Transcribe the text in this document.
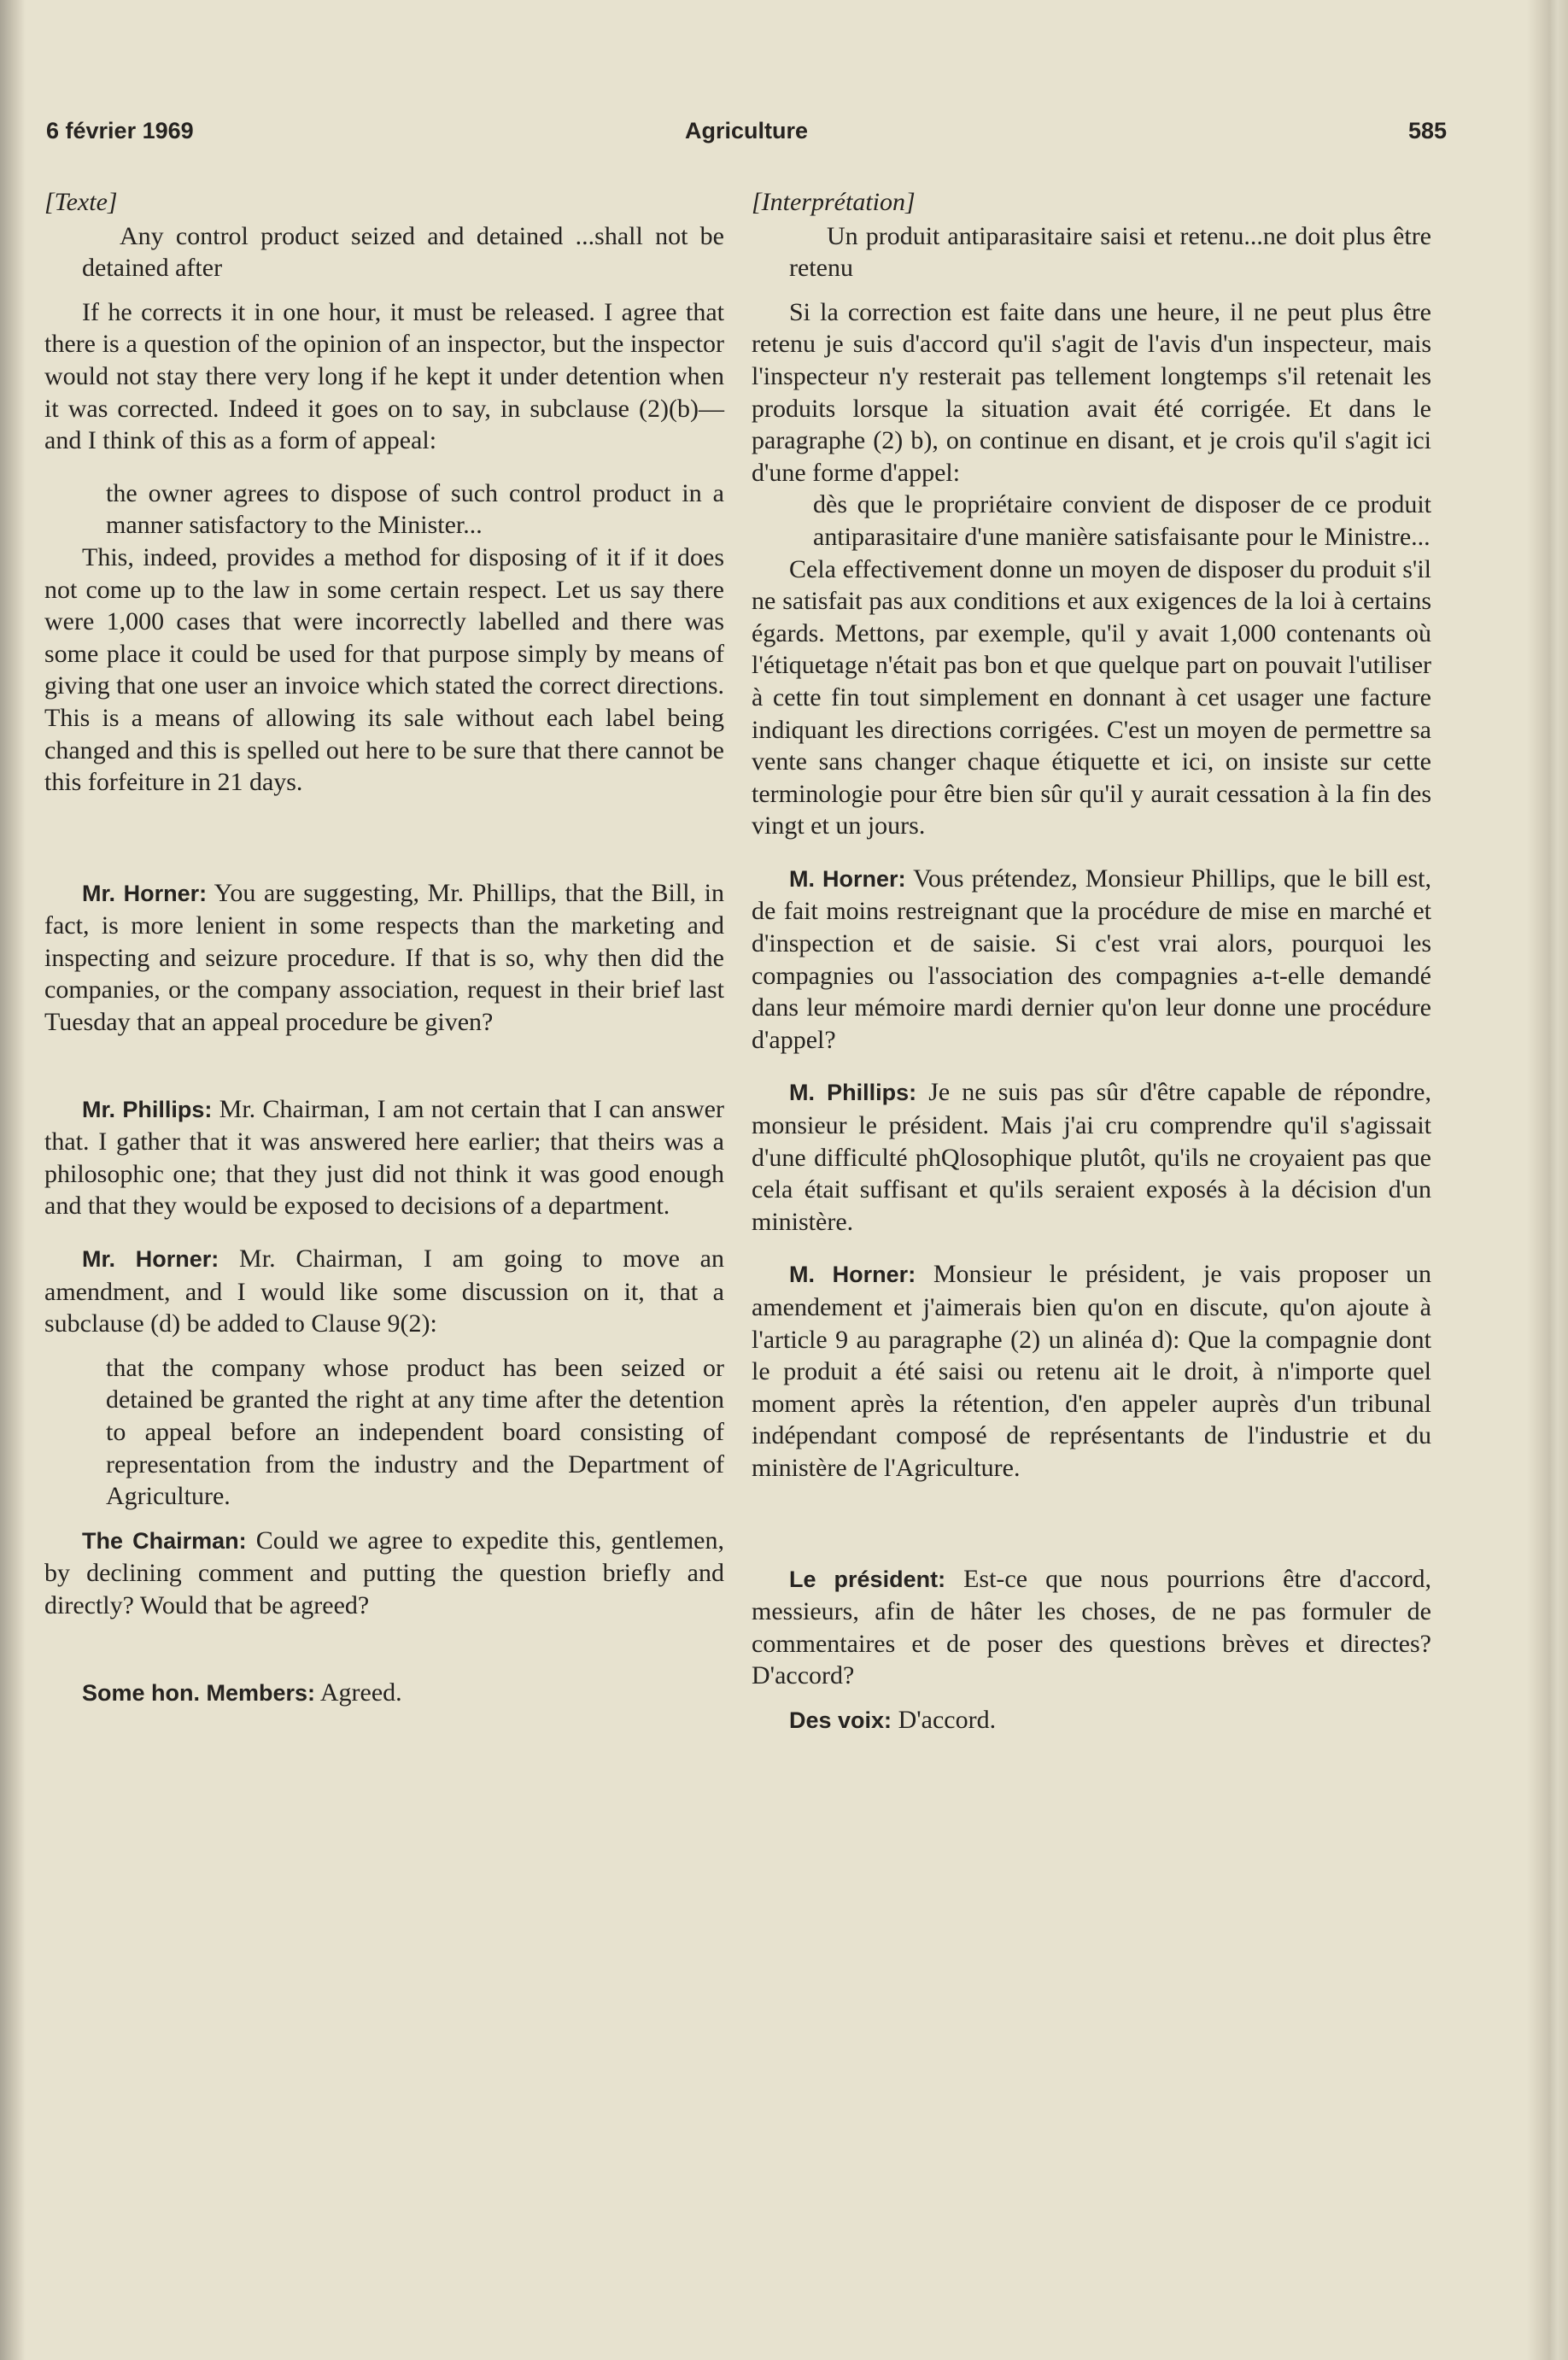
6 février 1969	Agriculture	585

[Texte]

Any control product seized and detained ...shall not be detained after

If he corrects it in one hour, it must be released. I agree that there is a question of the opinion of an inspector, but the inspector would not stay there very long if he kept it under detention when it was corrected. Indeed it goes on to say, in subclause (2)(b)— and I think of this as a form of appeal:

the owner agrees to dispose of such control product in a manner satisfactory to the Minister...

This, indeed, provides a method for disposing of it if it does not come up to the law in some certain respect. Let us say there were 1,000 cases that were incorrectly labelled and there was some place it could be used for that purpose simply by means of giving that one user an invoice which stated the correct directions. This is a means of allowing its sale without each label being changed and this is spelled out here to be sure that there cannot be this forfeiture in 21 days.

Mr. Horner: You are suggesting, Mr. Phillips, that the Bill, in fact, is more lenient in some respects than the marketing and inspecting and seizure procedure. If that is so, why then did the companies, or the company association, request in their brief last Tuesday that an appeal procedure be given?

Mr. Phillips: Mr. Chairman, I am not certain that I can answer that. I gather that it was answered here earlier; that theirs was a philosophic one; that they just did not think it was good enough and that they would be exposed to decisions of a department.

Mr. Horner: Mr. Chairman, I am going to move an amendment, and I would like some discussion on it, that a subclause (d) be added to Clause 9(2):

that the company whose product has been seized or detained be granted the right at any time after the detention to appeal before an independent board consisting of representation from the industry and the Department of Agriculture.

The Chairman: Could we agree to expedite this, gentlemen, by declining comment and putting the question briefly and directly? Would that be agreed?

Some hon. Members: Agreed.

[Interprétation]

Un produit antiparasitaire saisi et retenu...ne doit plus être retenu

Si la correction est faite dans une heure, il ne peut plus être retenu je suis d'accord qu'il s'agit de l'avis d'un inspecteur, mais l'inspecteur n'y resterait pas tellement longtemps s'il retenait les produits lorsque la situation avait été corrigée. Et dans le paragraphe (2) b), on continue en disant, et je crois qu'il s'agit ici d'une forme d'appel:

dès que le propriétaire convient de disposer de ce produit antiparasitaire d'une manière satisfaisante pour le Ministre...

Cela effectivement donne un moyen de disposer du produit s'il ne satisfait pas aux conditions et aux exigences de la loi à certains égards. Mettons, par exemple, qu'il y avait 1,000 contenants où l'étiquetage n'était pas bon et que quelque part on pouvait l'utiliser à cette fin tout simplement en donnant à cet usager une facture indiquant les directions corrigées. C'est un moyen de permettre sa vente sans changer chaque étiquette et ici, on insiste sur cette terminologie pour être bien sûr qu'il y aurait cessation à la fin des vingt et un jours.

M. Horner: Vous prétendez, Monsieur Phillips, que le bill est, de fait moins restreignant que la procédure de mise en marché et d'inspection et de saisie. Si c'est vrai alors, pourquoi les compagnies ou l'association des compagnies a-t-elle demandé dans leur mémoire mardi dernier qu'on leur donne une procédure d'appel?

M. Phillips: Je ne suis pas sûr d'être capable de répondre, monsieur le président. Mais j'ai cru comprendre qu'il s'agissait d'une difficulté phQlosophique plutôt, qu'ils ne croyaient pas que cela était suffisant et qu'ils seraient exposés à la décision d'un ministère.

M. Horner: Monsieur le président, je vais proposer un amendement et j'aimerais bien qu'on en discute, qu'on ajoute à l'article 9 au paragraphe (2) un alinéa d): Que la compagnie dont le produit a été saisi ou retenu ait le droit, à n'importe quel moment après la rétention, d'en appeler auprès d'un tribunal indépendant composé de représentants de l'industrie et du ministère de l'Agriculture.

Le président: Est-ce que nous pourrions être d'accord, messieurs, afin de hâter les choses, de ne pas formuler de commentaires et de poser des questions brèves et directes? D'accord?

Des voix: D'accord.
